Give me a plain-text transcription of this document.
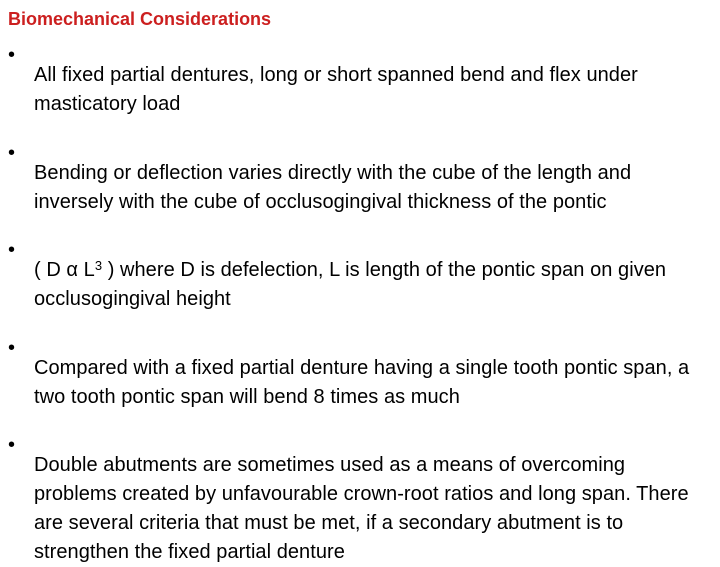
Biomechanical Considerations
•

All fixed partial dentures, long or short spanned bend and flex under masticatory load

•

Bending or deflection varies directly with the cube of the length and inversely with the cube of occlusogingival thickness of the pontic

•

( D α $L^3$ ) where D is defelection, L is length of the pontic span on given occlusogingival height

•

Compared with a fixed partial denture having a single tooth pontic span, a two tooth pontic span will bend 8 times as much

•

Double abutments are sometimes used as a means of overcoming problems created by unfavourable crown-root ratios and long span. There are several criteria that must be met, if a secondary abutment is to strengthen the fixed partial denture
